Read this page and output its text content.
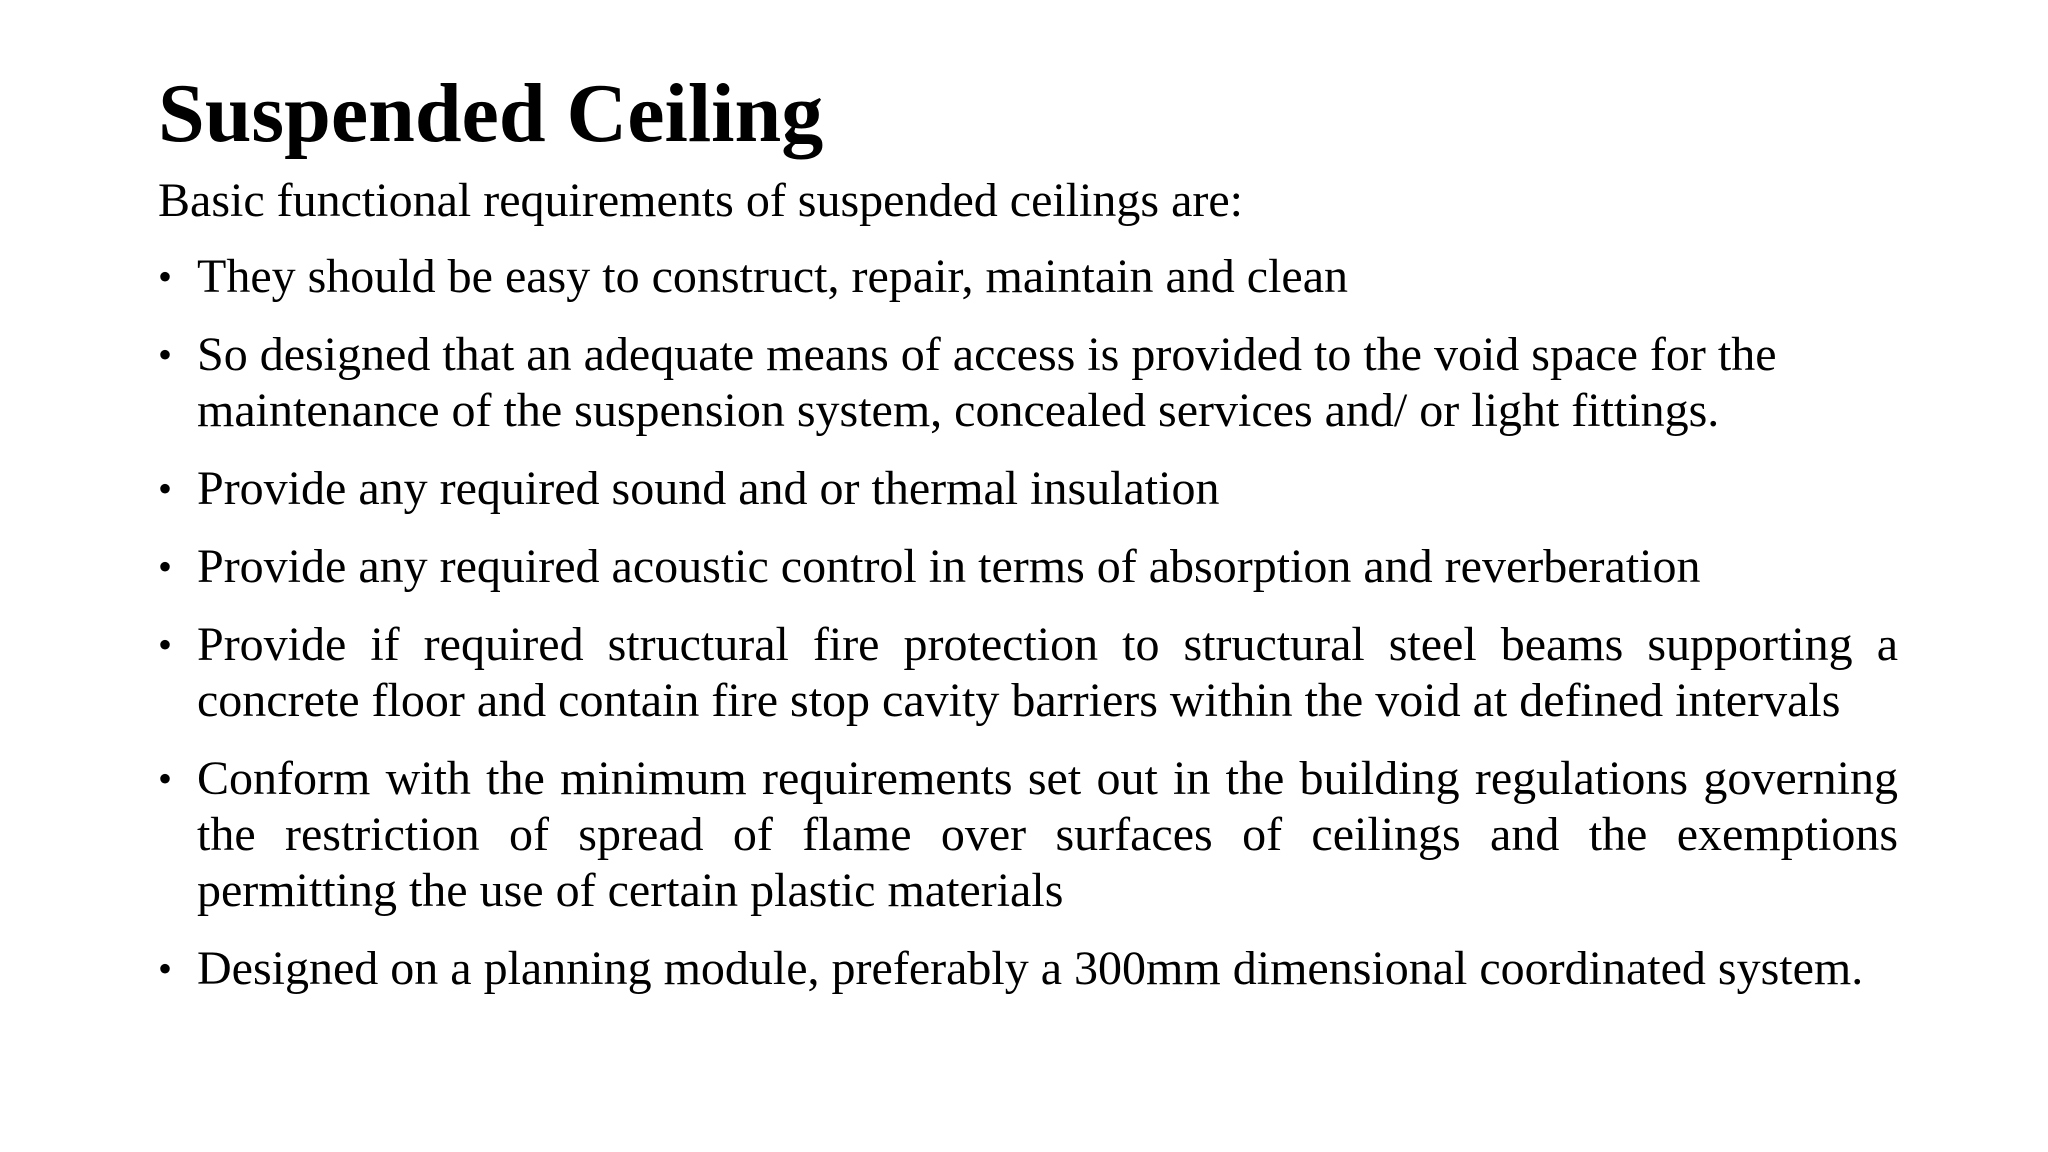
Suspended Ceiling

Basic functional requirements of suspended ceilings are:

• They should be easy to construct, repair, maintain and clean
• So designed that an adequate means of access is provided to the void space for the maintenance of the suspension system, concealed services and/ or light fittings.
• Provide any required sound and or thermal insulation
• Provide any required acoustic control in terms of absorption and reverberation
• Provide if required structural fire protection to structural steel beams supporting a concrete floor and contain fire stop cavity barriers within the void at defined intervals
• Conform with the minimum requirements set out in the building regulations governing the restriction of spread of flame over surfaces of ceilings and the exemptions permitting the use of certain plastic materials
• Designed on a planning module, preferably a 300mm dimensional coordinated system.
